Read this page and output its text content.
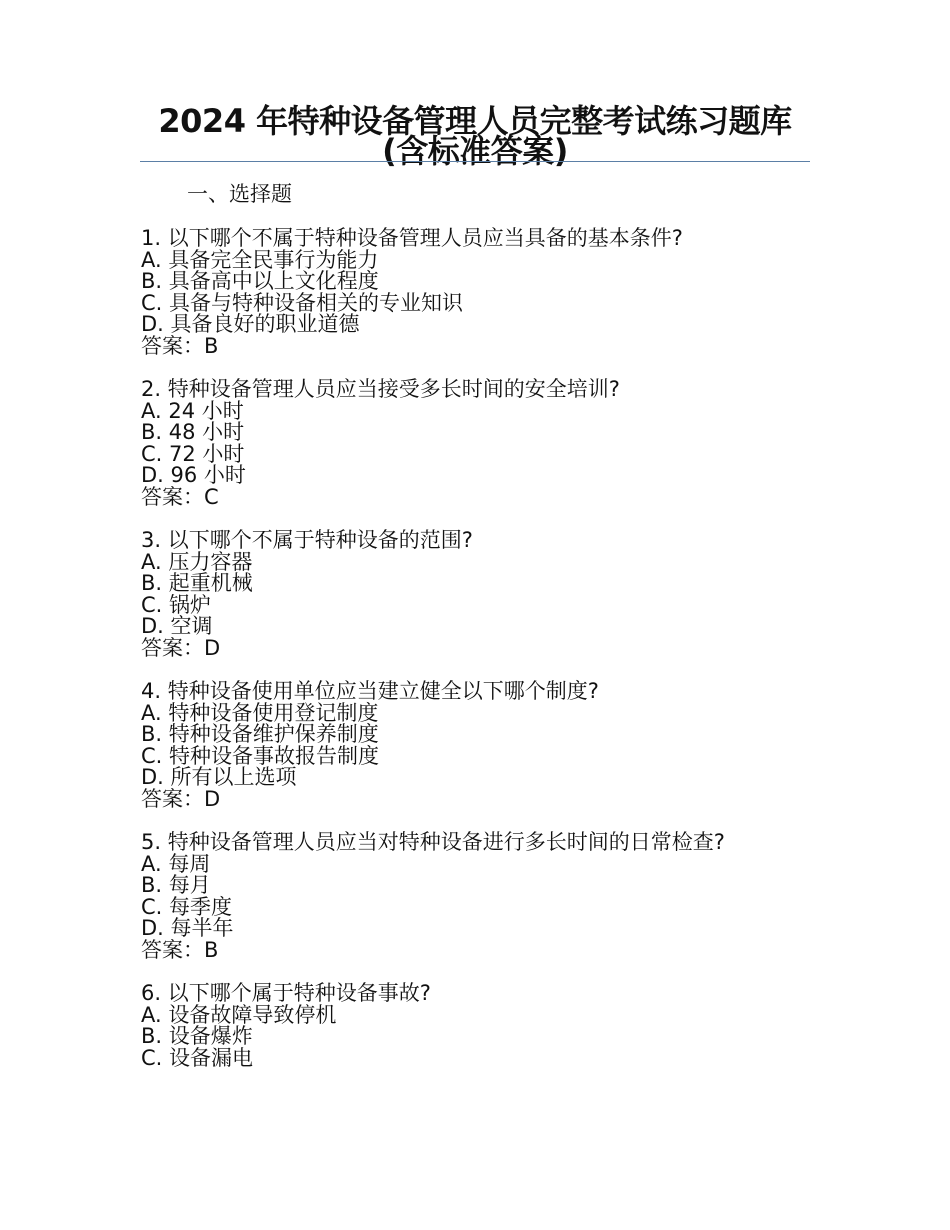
2024 年特种设备管理人员完整考试练习题库(含标准答案)
一、选择题
1. 以下哪个不属于特种设备管理人员应当具备的基本条件?
A. 具备完全民事行为能力
B. 具备高中以上文化程度
C. 具备与特种设备相关的专业知识
D. 具备良好的职业道德
答案：B
2. 特种设备管理人员应当接受多长时间的安全培训?
A. 24 小时
B. 48 小时
C. 72 小时
D. 96 小时
答案：C
3. 以下哪个不属于特种设备的范围?
A. 压力容器
B. 起重机械
C. 锅炉
D. 空调
答案：D
4. 特种设备使用单位应当建立健全以下哪个制度?
A. 特种设备使用登记制度
B. 特种设备维护保养制度
C. 特种设备事故报告制度
D. 所有以上选项
答案：D
5. 特种设备管理人员应当对特种设备进行多长时间的日常检查?
A. 每周
B. 每月
C. 每季度
D. 每半年
答案：B
6. 以下哪个属于特种设备事故?
A. 设备故障导致停机
B. 设备爆炸
C. 设备漏电
